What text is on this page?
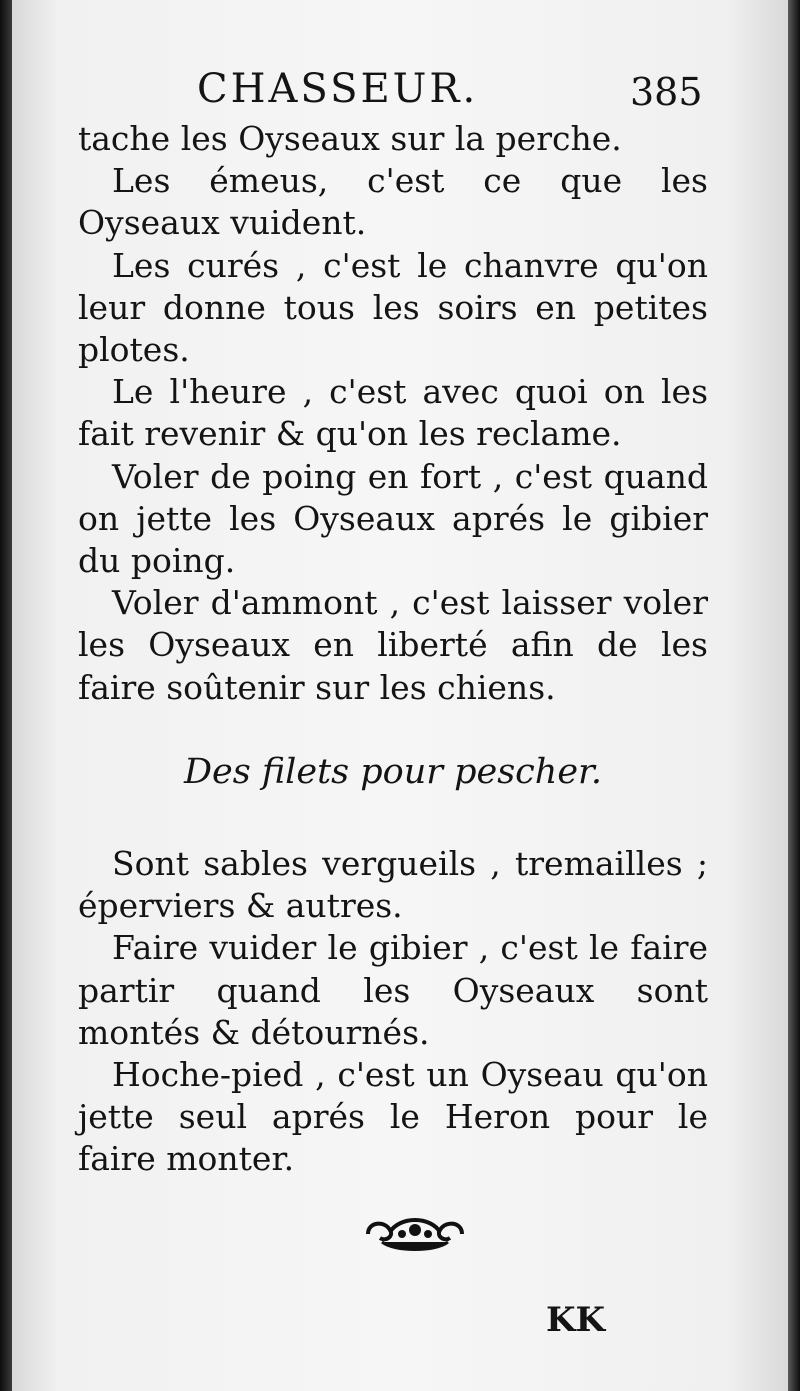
CHASSEUR.	385

tache les Oyseaux sur la perche.

Les émeus, c'est ce que les Oyseaux vuident.

Les curés , c'est le chanvre qu'on leur donne tous les soirs en petites plotes.

Le l'heure , c'est avec quoi on les fait revenir & qu'on les reclame.

Voler de poing en fort , c'est quand on jette les Oyseaux aprés le gibier du poing.

Voler d'ammont , c'est laisser voler les Oyseaux en liberté afin de les faire soûtenir sur les chiens.

Des filets pour pescher.

Sont sables vergueils , tremailles ; éperviers & autres.

Faire vuider le gibier , c'est le faire partir quand les Oyseaux sont montés & détournés.

Hoche-pied , c'est un Oyseau qu'on jette seul aprés le Heron pour le faire monter.

KK
